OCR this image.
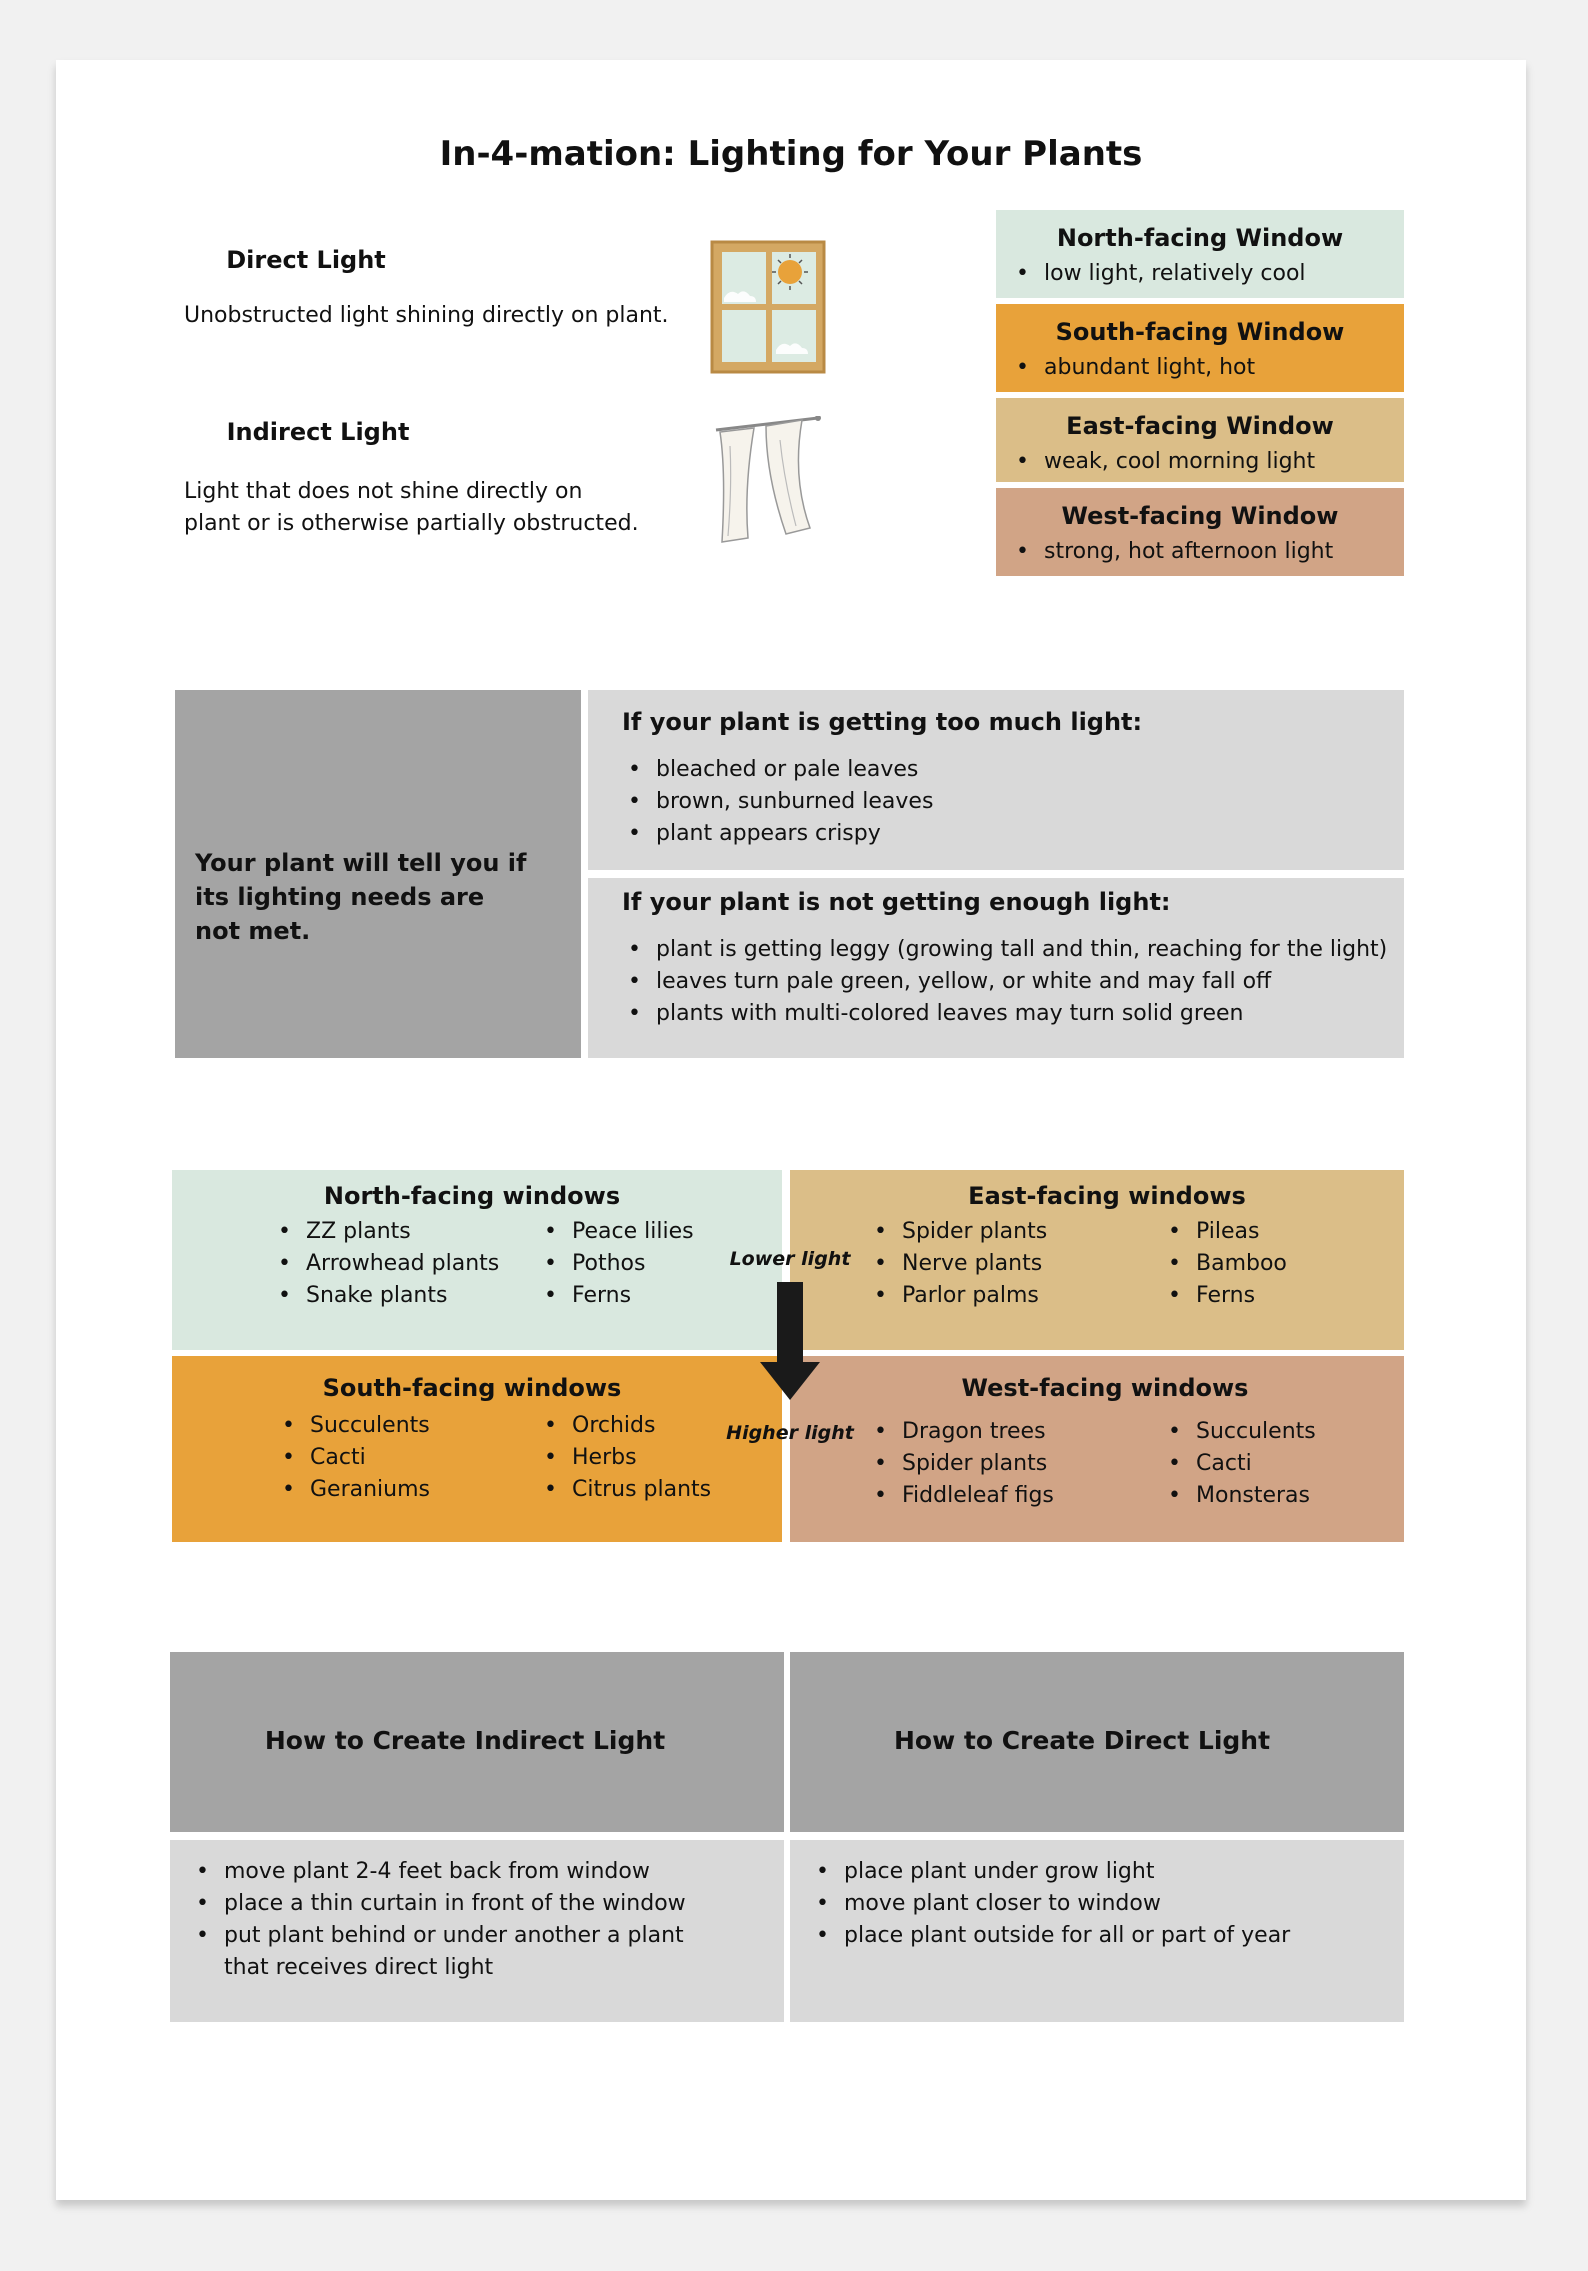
In-4-mation: Lighting for Your Plants
Direct Light
Unobstructed light shining directly on plant.
Indirect Light
Light that does not shine directly on
plant or is otherwise partially obstructed.
North-facing Window
• low light, relatively cool
South-facing Window
• abundant light, hot
East-facing Window
• weak, cool morning light
West-facing Window
• strong, hot afternoon light
Your plant will tell you if its lighting needs are not met.
If your plant is getting too much light:
• bleached or pale leaves
• brown, sunburned leaves
• plant appears crispy
If your plant is not getting enough light:
• plant is getting leggy (growing tall and thin, reaching for the light)
• leaves turn pale green, yellow, or white and may fall off
• plants with multi-colored leaves may turn solid green
North-facing windows
• ZZ plants
• Arrowhead plants
• Snake plants
• Peace lilies
• Pothos
• Ferns
East-facing windows
• Spider plants
• Nerve plants
• Parlor palms
• Pileas
• Bamboo
• Ferns
South-facing windows
• Succulents
• Cacti
• Geraniums
• Orchids
• Herbs
• Citrus plants
West-facing windows
• Dragon trees
• Spider plants
• Fiddleleaf figs
• Succulents
• Cacti
• Monsteras
Lower light
Higher light
How to Create Indirect Light	How to Create Direct Light
• move plant 2-4 feet back from window
• place a thin curtain in front of the window
• put plant behind or under another a plant
that receives direct light
• place plant under grow light
• move plant closer to window
• place plant outside for all or part of year
